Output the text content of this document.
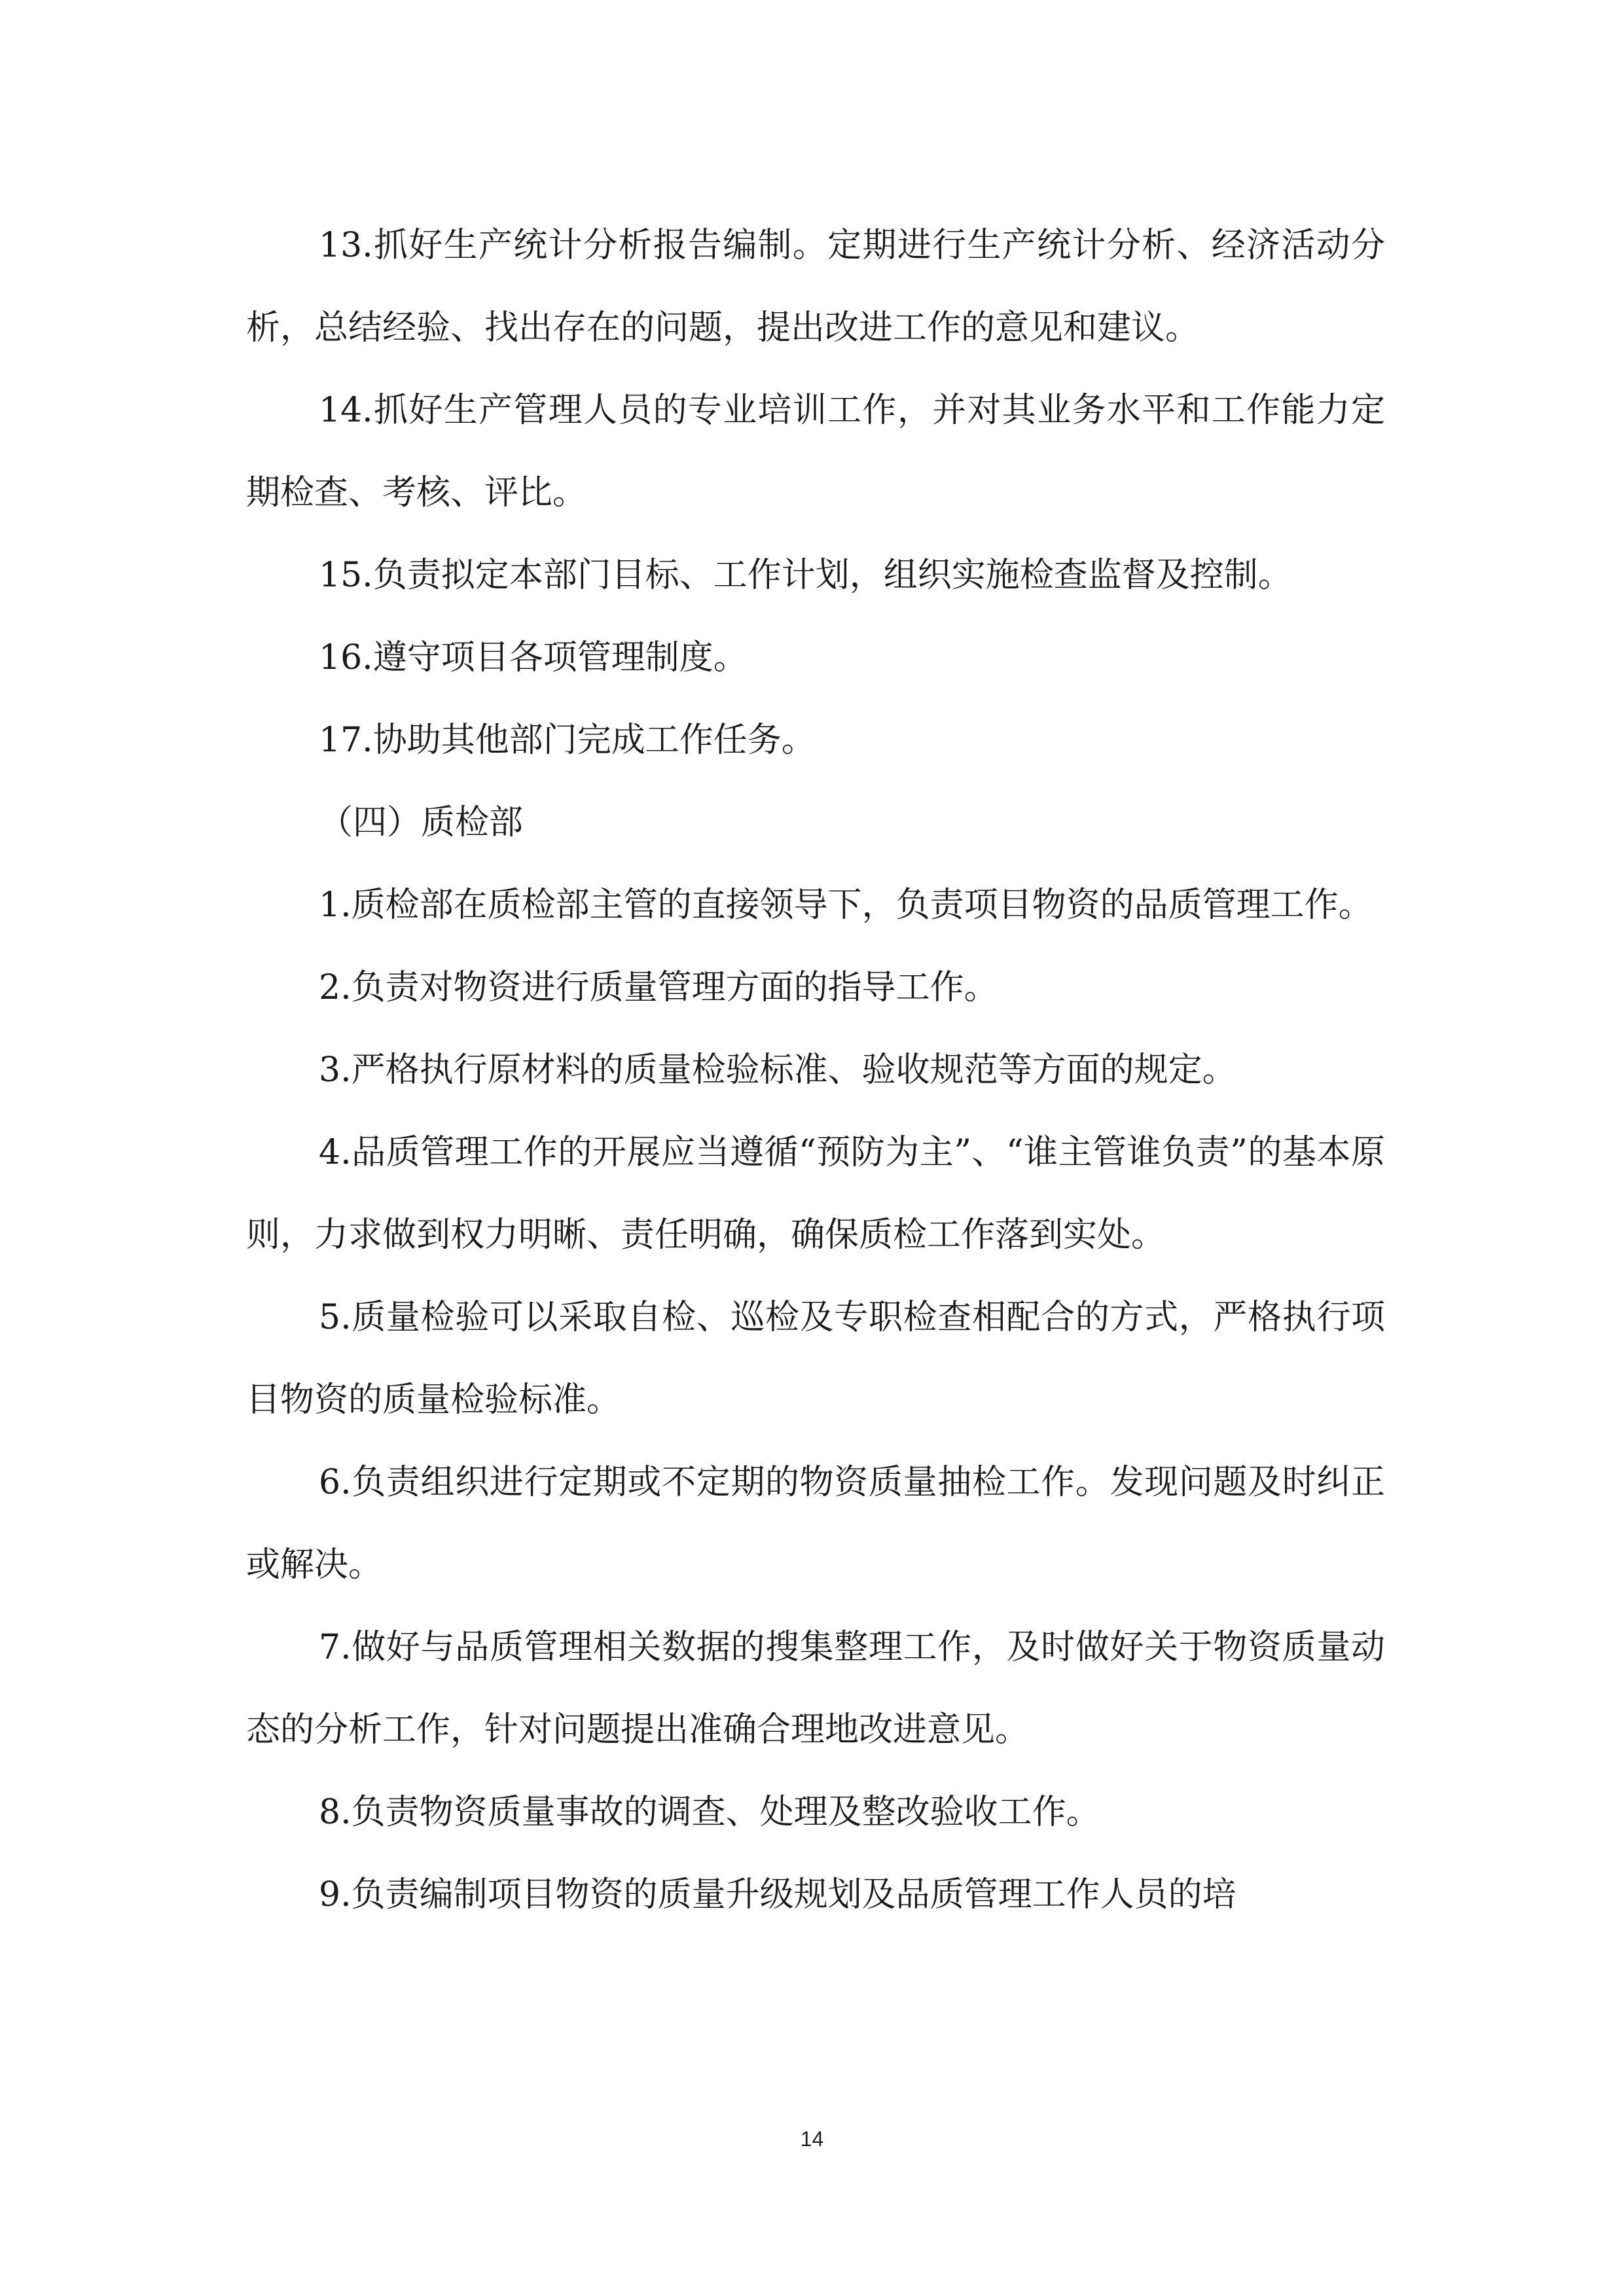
13.抓好生产统计分析报告编制。定期进行生产统计分析、经济活动分析，总结经验、找出存在的问题，提出改进工作的意见和建议。

14.抓好生产管理人员的专业培训工作，并对其业务水平和工作能力定期检查、考核、评比。

15.负责拟定本部门目标、工作计划，组织实施检查监督及控制。

16.遵守项目各项管理制度。

17.协助其他部门完成工作任务。

（四）质检部

1.质检部在质检部主管的直接领导下，负责项目物资的品质管理工作。

2.负责对物资进行质量管理方面的指导工作。

3.严格执行原材料的质量检验标准、验收规范等方面的规定。

4.品质管理工作的开展应当遵循“预防为主”、“谁主管谁负责”的基本原则，力求做到权力明晰、责任明确，确保质检工作落到实处。

5.质量检验可以采取自检、巡检及专职检查相配合的方式，严格执行项目物资的质量检验标准。

6.负责组织进行定期或不定期的物资质量抽检工作。发现问题及时纠正或解决。

7.做好与品质管理相关数据的搜集整理工作，及时做好关于物资质量动态的分析工作，针对问题提出准确合理地改进意见。

8.负责物资质量事故的调查、处理及整改验收工作。

9.负责编制项目物资的质量升级规划及品质管理工作人员的培

14
